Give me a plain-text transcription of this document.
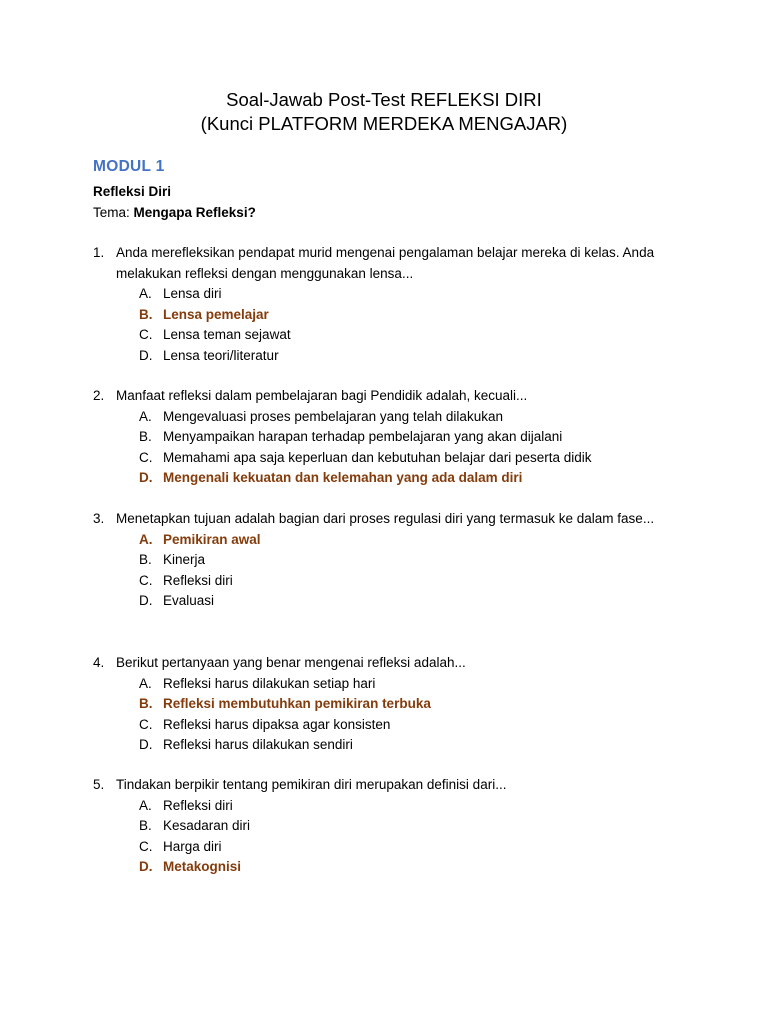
Soal-Jawab Post-Test REFLEKSI DIRI
(Kunci PLATFORM MERDEKA MENGAJAR)
MODUL 1
Refleksi Diri
Tema: Mengapa Refleksi?
1. Anda merefleksikan pendapat murid mengenai pengalaman belajar mereka di kelas. Anda melakukan refleksi dengan menggunakan lensa...
A. Lensa diri
B. Lensa pemelajar
C. Lensa teman sejawat
D. Lensa teori/literatur
2. Manfaat refleksi dalam pembelajaran bagi Pendidik adalah, kecuali...
A. Mengevaluasi proses pembelajaran yang telah dilakukan
B. Menyampaikan harapan terhadap pembelajaran yang akan dijalani
C. Memahami apa saja keperluan dan kebutuhan belajar dari peserta didik
D. Mengenali kekuatan dan kelemahan yang ada dalam diri
3. Menetapkan tujuan adalah bagian dari proses regulasi diri yang termasuk ke dalam fase...
A. Pemikiran awal
B. Kinerja
C. Refleksi diri
D. Evaluasi
4. Berikut pertanyaan yang benar mengenai refleksi adalah...
A. Refleksi harus dilakukan setiap hari
B. Refleksi membutuhkan pemikiran terbuka
C. Refleksi harus dipaksa agar konsisten
D. Refleksi harus dilakukan sendiri
5. Tindakan berpikir tentang pemikiran diri merupakan definisi dari...
A. Refleksi diri
B. Kesadaran diri
C. Harga diri
D. Metakognisi
